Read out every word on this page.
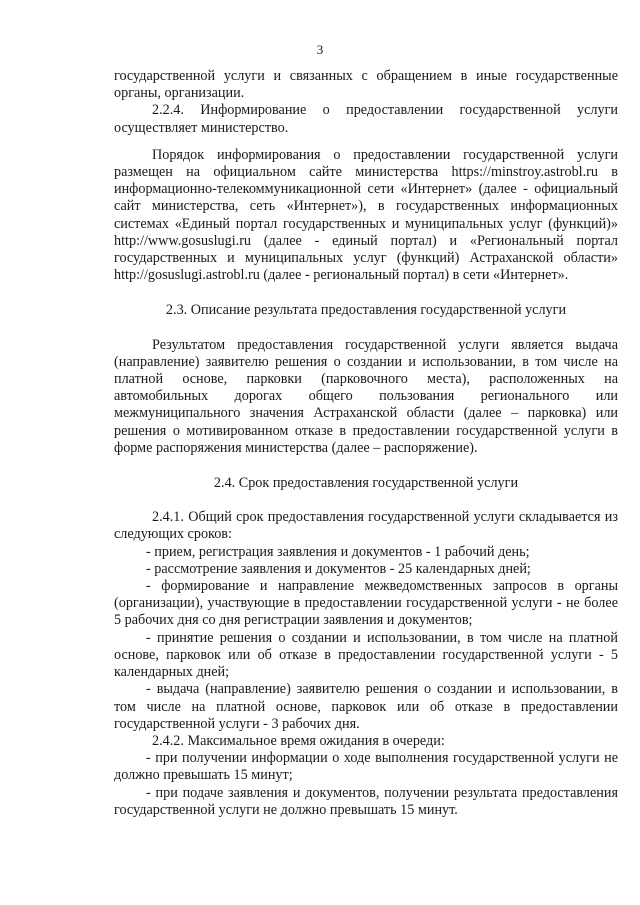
3

государственной услуги и связанных с обращением в иные государственные органы, организации.

2.2.4. Информирование о предоставлении государственной услуги осуществляет министерство.

Порядок информирования о предоставлении государственной услуги размещен на официальном сайте министерства https://minstroy.astrobl.ru в информационно-телекоммуникационной сети «Интернет» (далее - официальный сайт министерства, сеть «Интернет»), в государственных информационных системах «Единый портал государственных и муниципальных услуг (функций)» http://www.gosuslugi.ru (далее - единый портал) и «Региональный портал государственных и муниципальных услуг (функций) Астраханской области» http://gosuslugi.astrobl.ru (далее - региональный портал) в сети «Интернет».

2.3. Описание результата предоставления государственной услуги

Результатом предоставления государственной услуги является выдача (направление) заявителю решения о создании и использовании, в том числе на платной основе, парковки (парковочного места), расположенных на автомобильных дорогах общего пользования регионального или межмуниципального значения Астраханской области (далее – парковка) или решения о мотивированном отказе в предоставлении государственной услуги в форме распоряжения министерства (далее – распоряжение).

2.4. Срок предоставления государственной услуги

2.4.1. Общий срок предоставления государственной услуги складывается из следующих сроков:

- прием, регистрация заявления и документов - 1 рабочий день;

- рассмотрение заявления и документов - 25 календарных дней;

- формирование и направление межведомственных запросов в органы (организации), участвующие в предоставлении государственной услуги - не более 5 рабочих дня со дня регистрации заявления и документов;

- принятие решения о создании и использовании, в том числе на платной основе, парковок или об отказе в предоставлении государственной услуги - 5 календарных дней;

- выдача (направление) заявителю решения о создании и использовании, в том числе на платной основе, парковок или об отказе в предоставлении государственной услуги - 3 рабочих дня.

2.4.2. Максимальное время ожидания в очереди:

- при получении информации о ходе выполнения государственной услуги не должно превышать 15 минут;

- при подаче заявления и документов, получении результата предоставления государственной услуги не должно превышать 15 минут.
